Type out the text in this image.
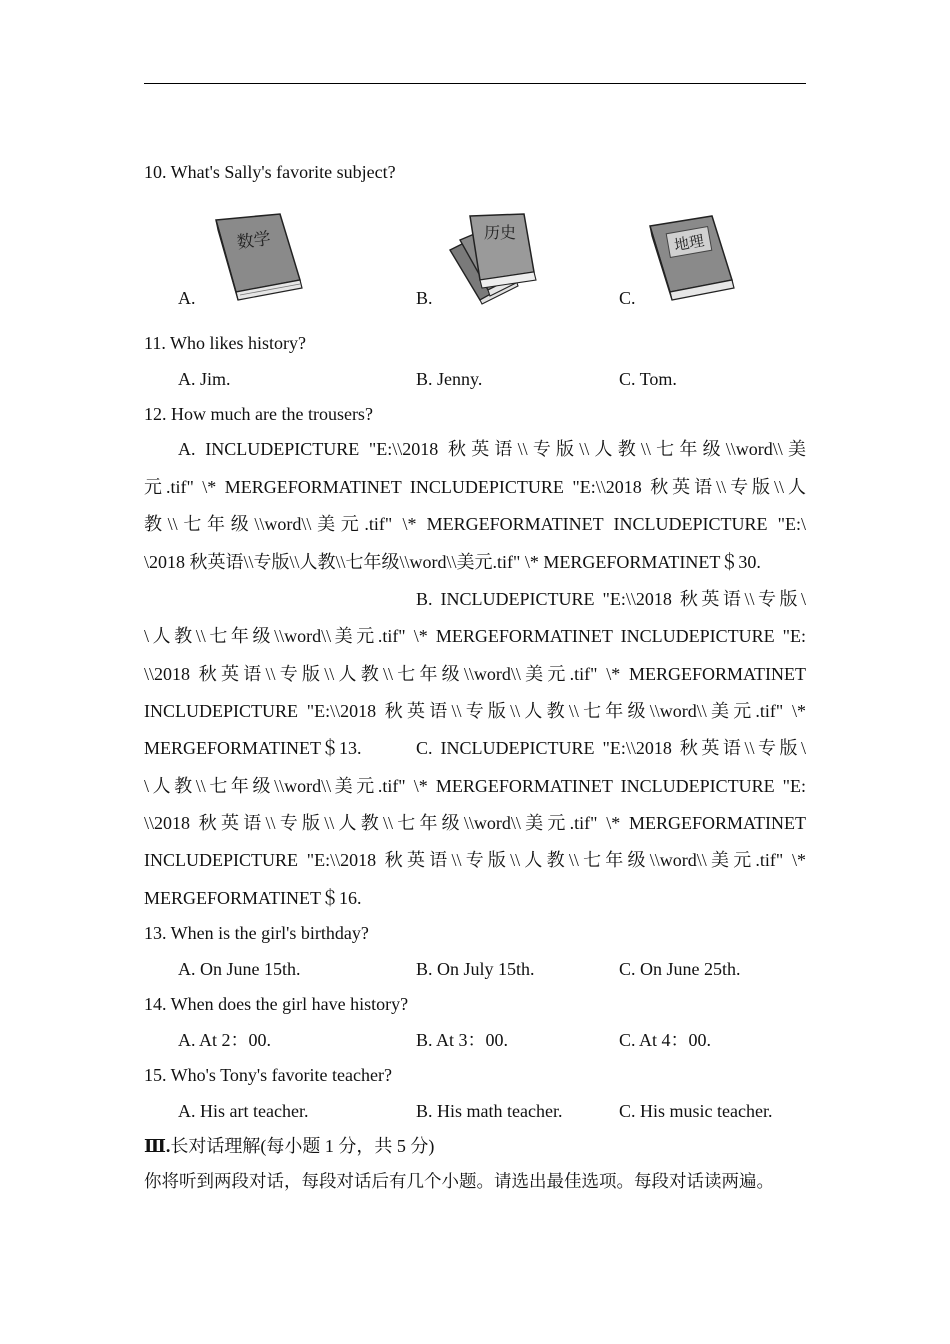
10. What's Sally's favorite subject?
A.
数学
B.
历史
C.
地理
11. Who likes history?
A. Jim.	B. Jenny.	C. Tom.
12. How much are the trousers?
A. INCLUDEPICTURE "E:\\2018 秋英语\\专版\\人教\\七年级\\word\\美
元.tif" \* MERGEFORMATINET INCLUDEPICTURE "E:\\2018 秋英语\\专版\\人
教\\七年级\\word\\美元.tif" \* MERGEFORMATINET INCLUDEPICTURE "E:\
\2018 秋英语\\专版\\人教\\七年级\\word\\美元.tif" \* MERGEFORMATINET＄30.
B. INCLUDEPICTURE "E:\\2018 秋英语\\专版\
\人教\\七年级\\word\\美元.tif" \* MERGEFORMATINET INCLUDEPICTURE "E:
\\2018 秋英语\\专版\\人教\\七年级\\word\\美元.tif" \* MERGEFORMATINET
INCLUDEPICTURE "E:\\2018 秋英语\\专版\\人教\\七年级\\word\\美元.tif" \*
MERGEFORMATINET＄13.	C. INCLUDEPICTURE "E:\\2018 秋英语\\专版\
\人教\\七年级\\word\\美元.tif" \* MERGEFORMATINET INCLUDEPICTURE "E:
\\2018 秋英语\\专版\\人教\\七年级\\word\\美元.tif" \* MERGEFORMATINET
INCLUDEPICTURE "E:\\2018 秋英语\\专版\\人教\\七年级\\word\\美元.tif" \*
MERGEFORMATINET＄16.
13. When is the girl's birthday?
A. On June 15th.	B. On July 15th.	C. On June 25th.
14. When does the girl have history?
A. At 2：00.	B. At 3：00.	C. At 4：00.
15. Who's Tony's favorite teacher?
A. His art teacher.	B. His math teacher.	C. His music teacher.
Ⅲ.长对话理解(每小题 1 分，共 5 分)
你将听到两段对话，每段对话后有几个小题。请选出最佳选项。每段对话读两遍。
